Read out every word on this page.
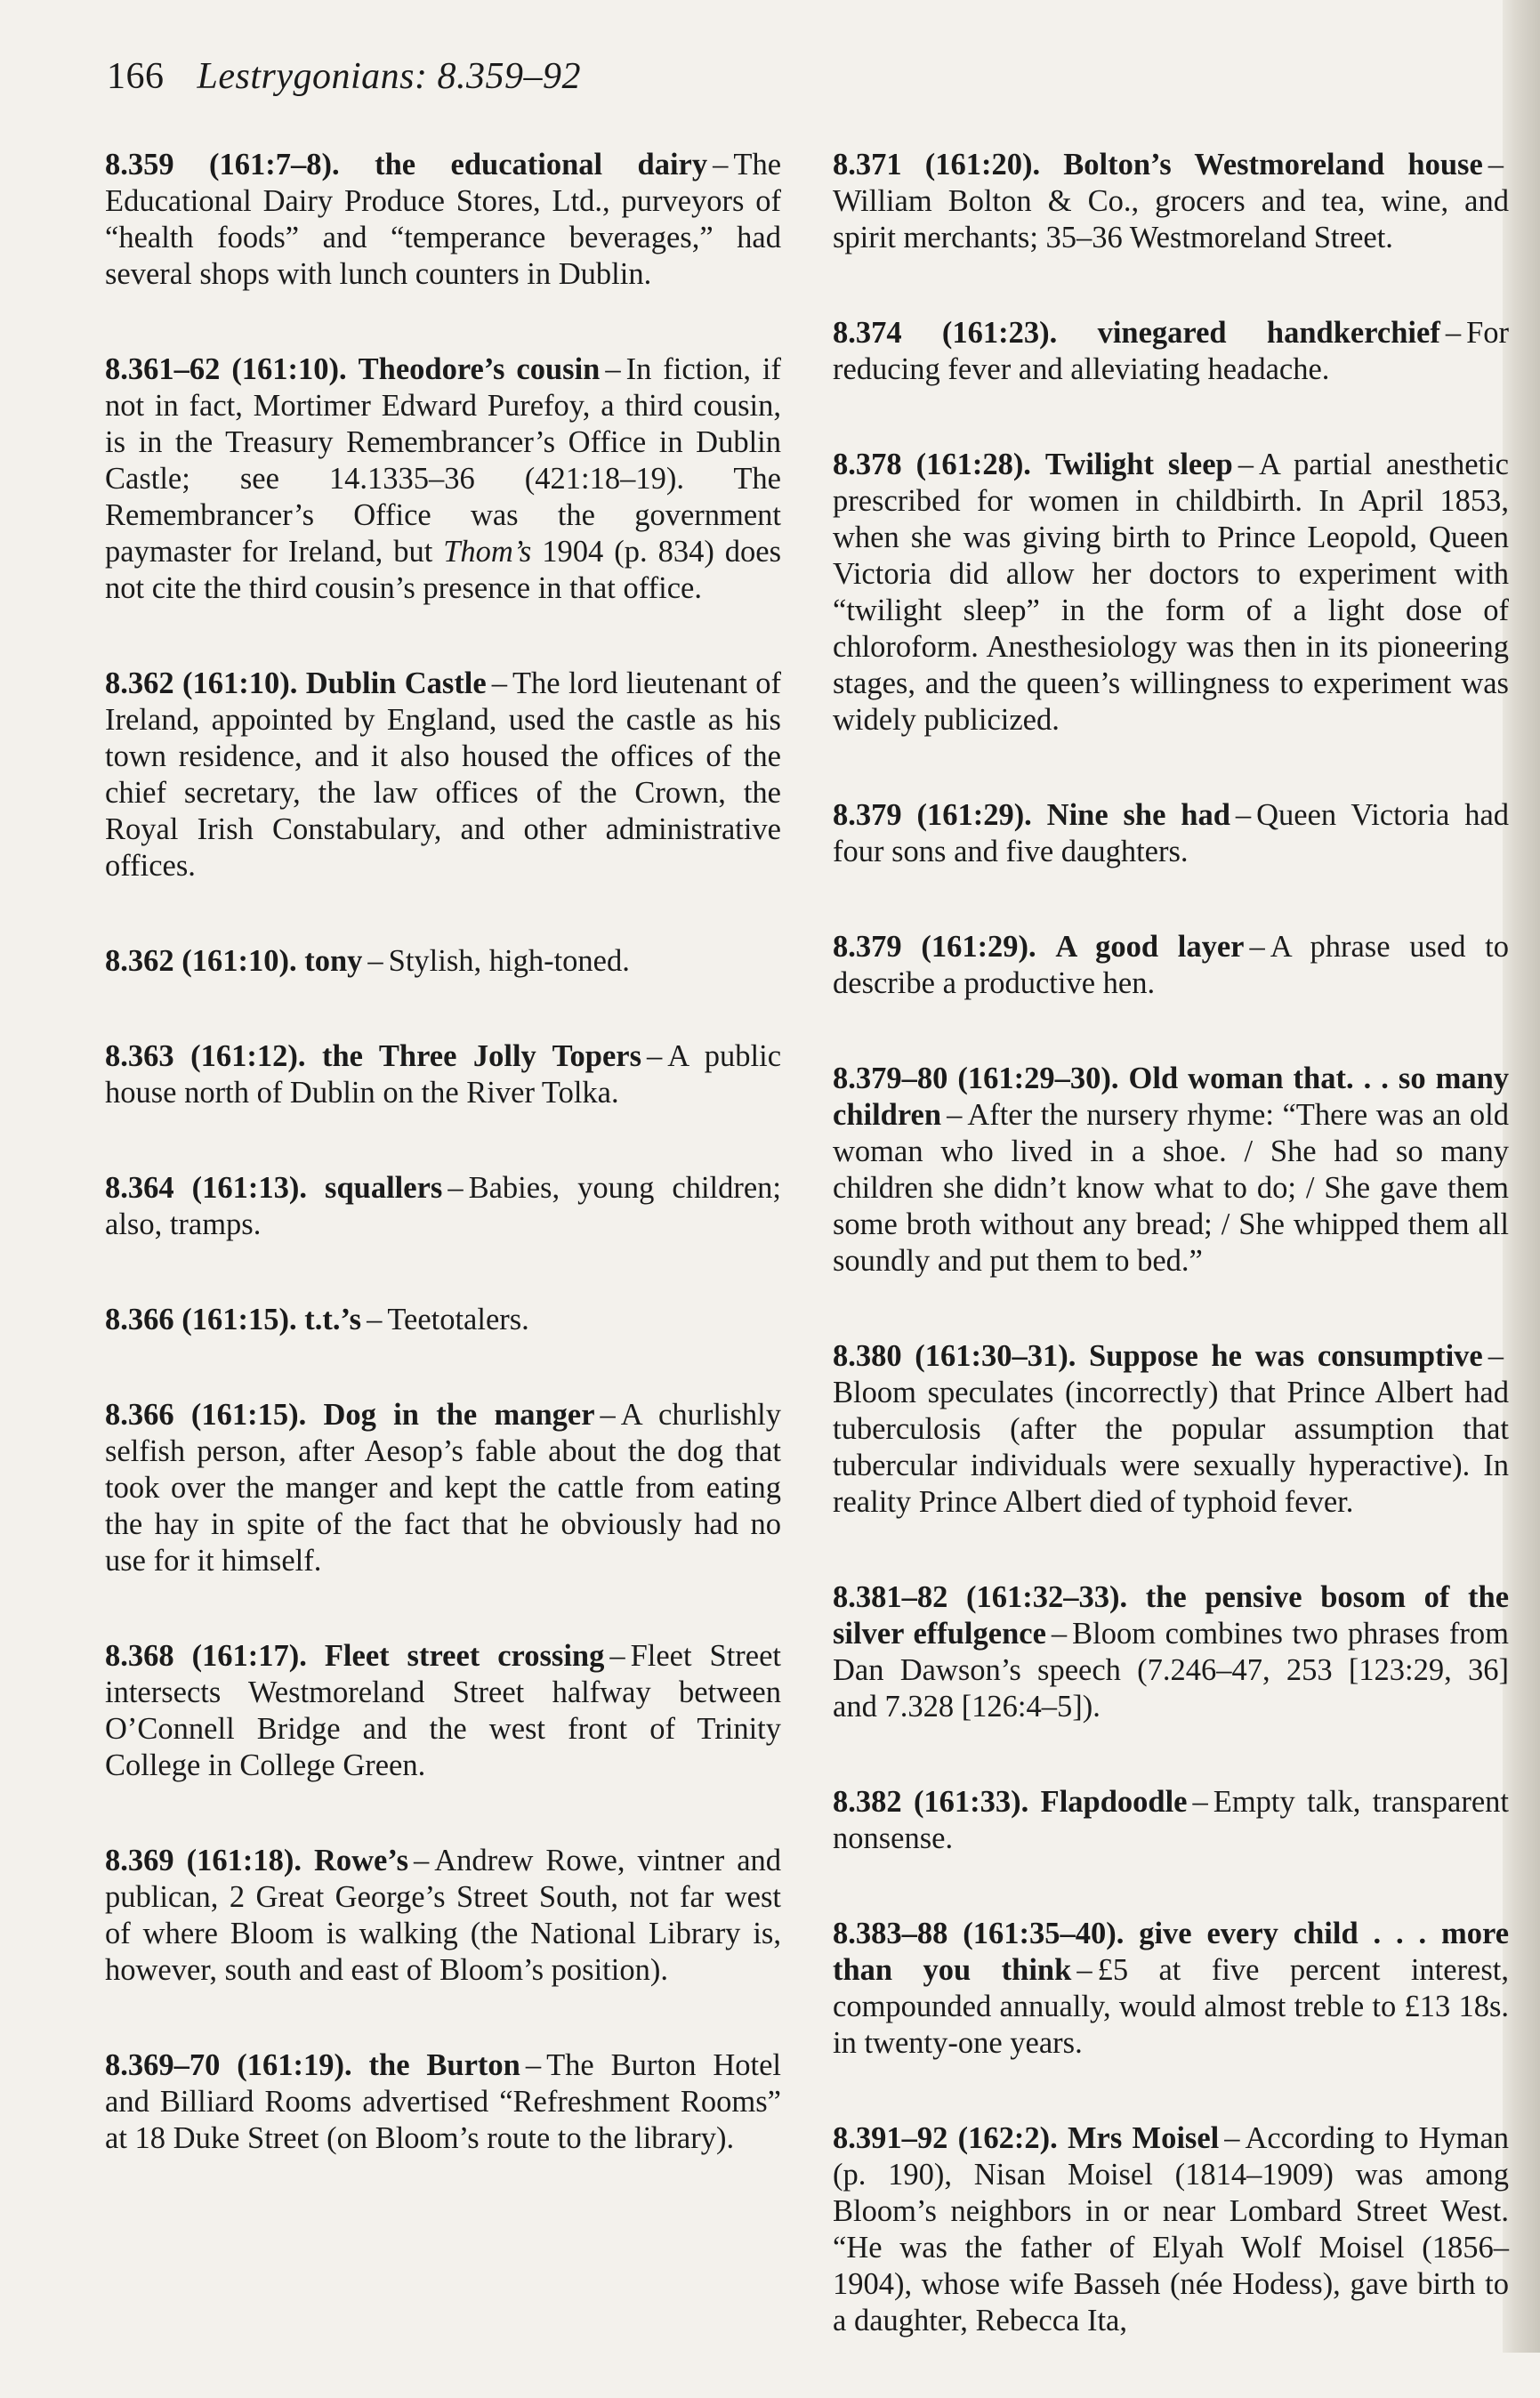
166 Lestrygonians: 8.359–92

8.359 (161:7–8). the educational dairy – The Educational Dairy Produce Stores, Ltd., purveyors of “health foods” and “temperance beverages,” had several shops with lunch counters in Dublin.

8.361–62 (161:10). Theodore’s cousin – In fiction, if not in fact, Mortimer Edward Purefoy, a third cousin, is in the Treasury Remembrancer’s Office in Dublin Castle; see 14.1335–36 (421:18–19). The Remembrancer’s Office was the government paymaster for Ireland, but Thom’s 1904 (p. 834) does not cite the third cousin’s presence in that office.

8.362 (161:10). Dublin Castle – The lord lieutenant of Ireland, appointed by England, used the castle as his town residence, and it also housed the offices of the chief secretary, the law offices of the Crown, the Royal Irish Constabulary, and other administrative offices.

8.362 (161:10). tony – Stylish, high-toned.

8.363 (161:12). the Three Jolly Topers – A public house north of Dublin on the River Tolka.

8.364 (161:13). squallers – Babies, young children; also, tramps.

8.366 (161:15). t.t.’s – Teetotalers.

8.366 (161:15). Dog in the manger – A churlishly selfish person, after Aesop’s fable about the dog that took over the manger and kept the cattle from eating the hay in spite of the fact that he obviously had no use for it himself.

8.368 (161:17). Fleet street crossing – Fleet Street intersects Westmoreland Street halfway between O’Connell Bridge and the west front of Trinity College in College Green.

8.369 (161:18). Rowe’s – Andrew Rowe, vintner and publican, 2 Great George’s Street South, not far west of where Bloom is walking (the National Library is, however, south and east of Bloom’s position).

8.369–70 (161:19). the Burton – The Burton Hotel and Billiard Rooms advertised “Refreshment Rooms” at 18 Duke Street (on Bloom’s route to the library).

8.371 (161:20). Bolton’s Westmoreland house –William Bolton & Co., grocers and tea, wine, and spirit merchants; 35–36 Westmoreland Street.

8.374 (161:23). vinegared handkerchief – For reducing fever and alleviating headache.

8.378 (161:28). Twilight sleep – A partial anesthetic prescribed for women in childbirth. In April 1853, when she was giving birth to Prince Leopold, Queen Victoria did allow her doctors to experiment with “twilight sleep” in the form of a light dose of chloroform. Anesthesiology was then in its pioneering stages, and the queen’s willingness to experiment was widely publicized.

8.379 (161:29). Nine she had – Queen Victoria had four sons and five daughters.

8.379 (161:29). A good layer – A phrase used to describe a productive hen.

8.379–80 (161:29–30). Old woman that. . . so many children – After the nursery rhyme: “There was an old woman who lived in a shoe. / She had so many children she didn’t know what to do; / She gave them some broth without any bread; / She whipped them all soundly and put them to bed.”

8.380 (161:30–31). Suppose he was consumptive –Bloom speculates (incorrectly) that Prince Albert had tuberculosis (after the popular assumption that tubercular individuals were sexually hyperactive). In reality Prince Albert died of typhoid fever.

8.381–82 (161:32–33). the pensive bosom of the silver effulgence – Bloom combines two phrases from Dan Dawson’s speech (7.246–47, 253 [123:29, 36] and 7.328 [126:4–5]).

8.382 (161:33). Flapdoodle – Empty talk, transparent nonsense.

8.383–88 (161:35–40). give every child . . . more than you think – £5 at five percent interest, compounded annually, would almost treble to £13 18s. in twenty-one years.

8.391–92 (162:2). Mrs Moisel – According to Hyman (p. 190), Nisan Moisel (1814–1909) was among Bloom’s neighbors in or near Lombard Street West. “He was the father of Elyah Wolf Moisel (1856–1904), whose wife Basseh (née Hodess), gave birth to a daughter, Rebecca Ita,
